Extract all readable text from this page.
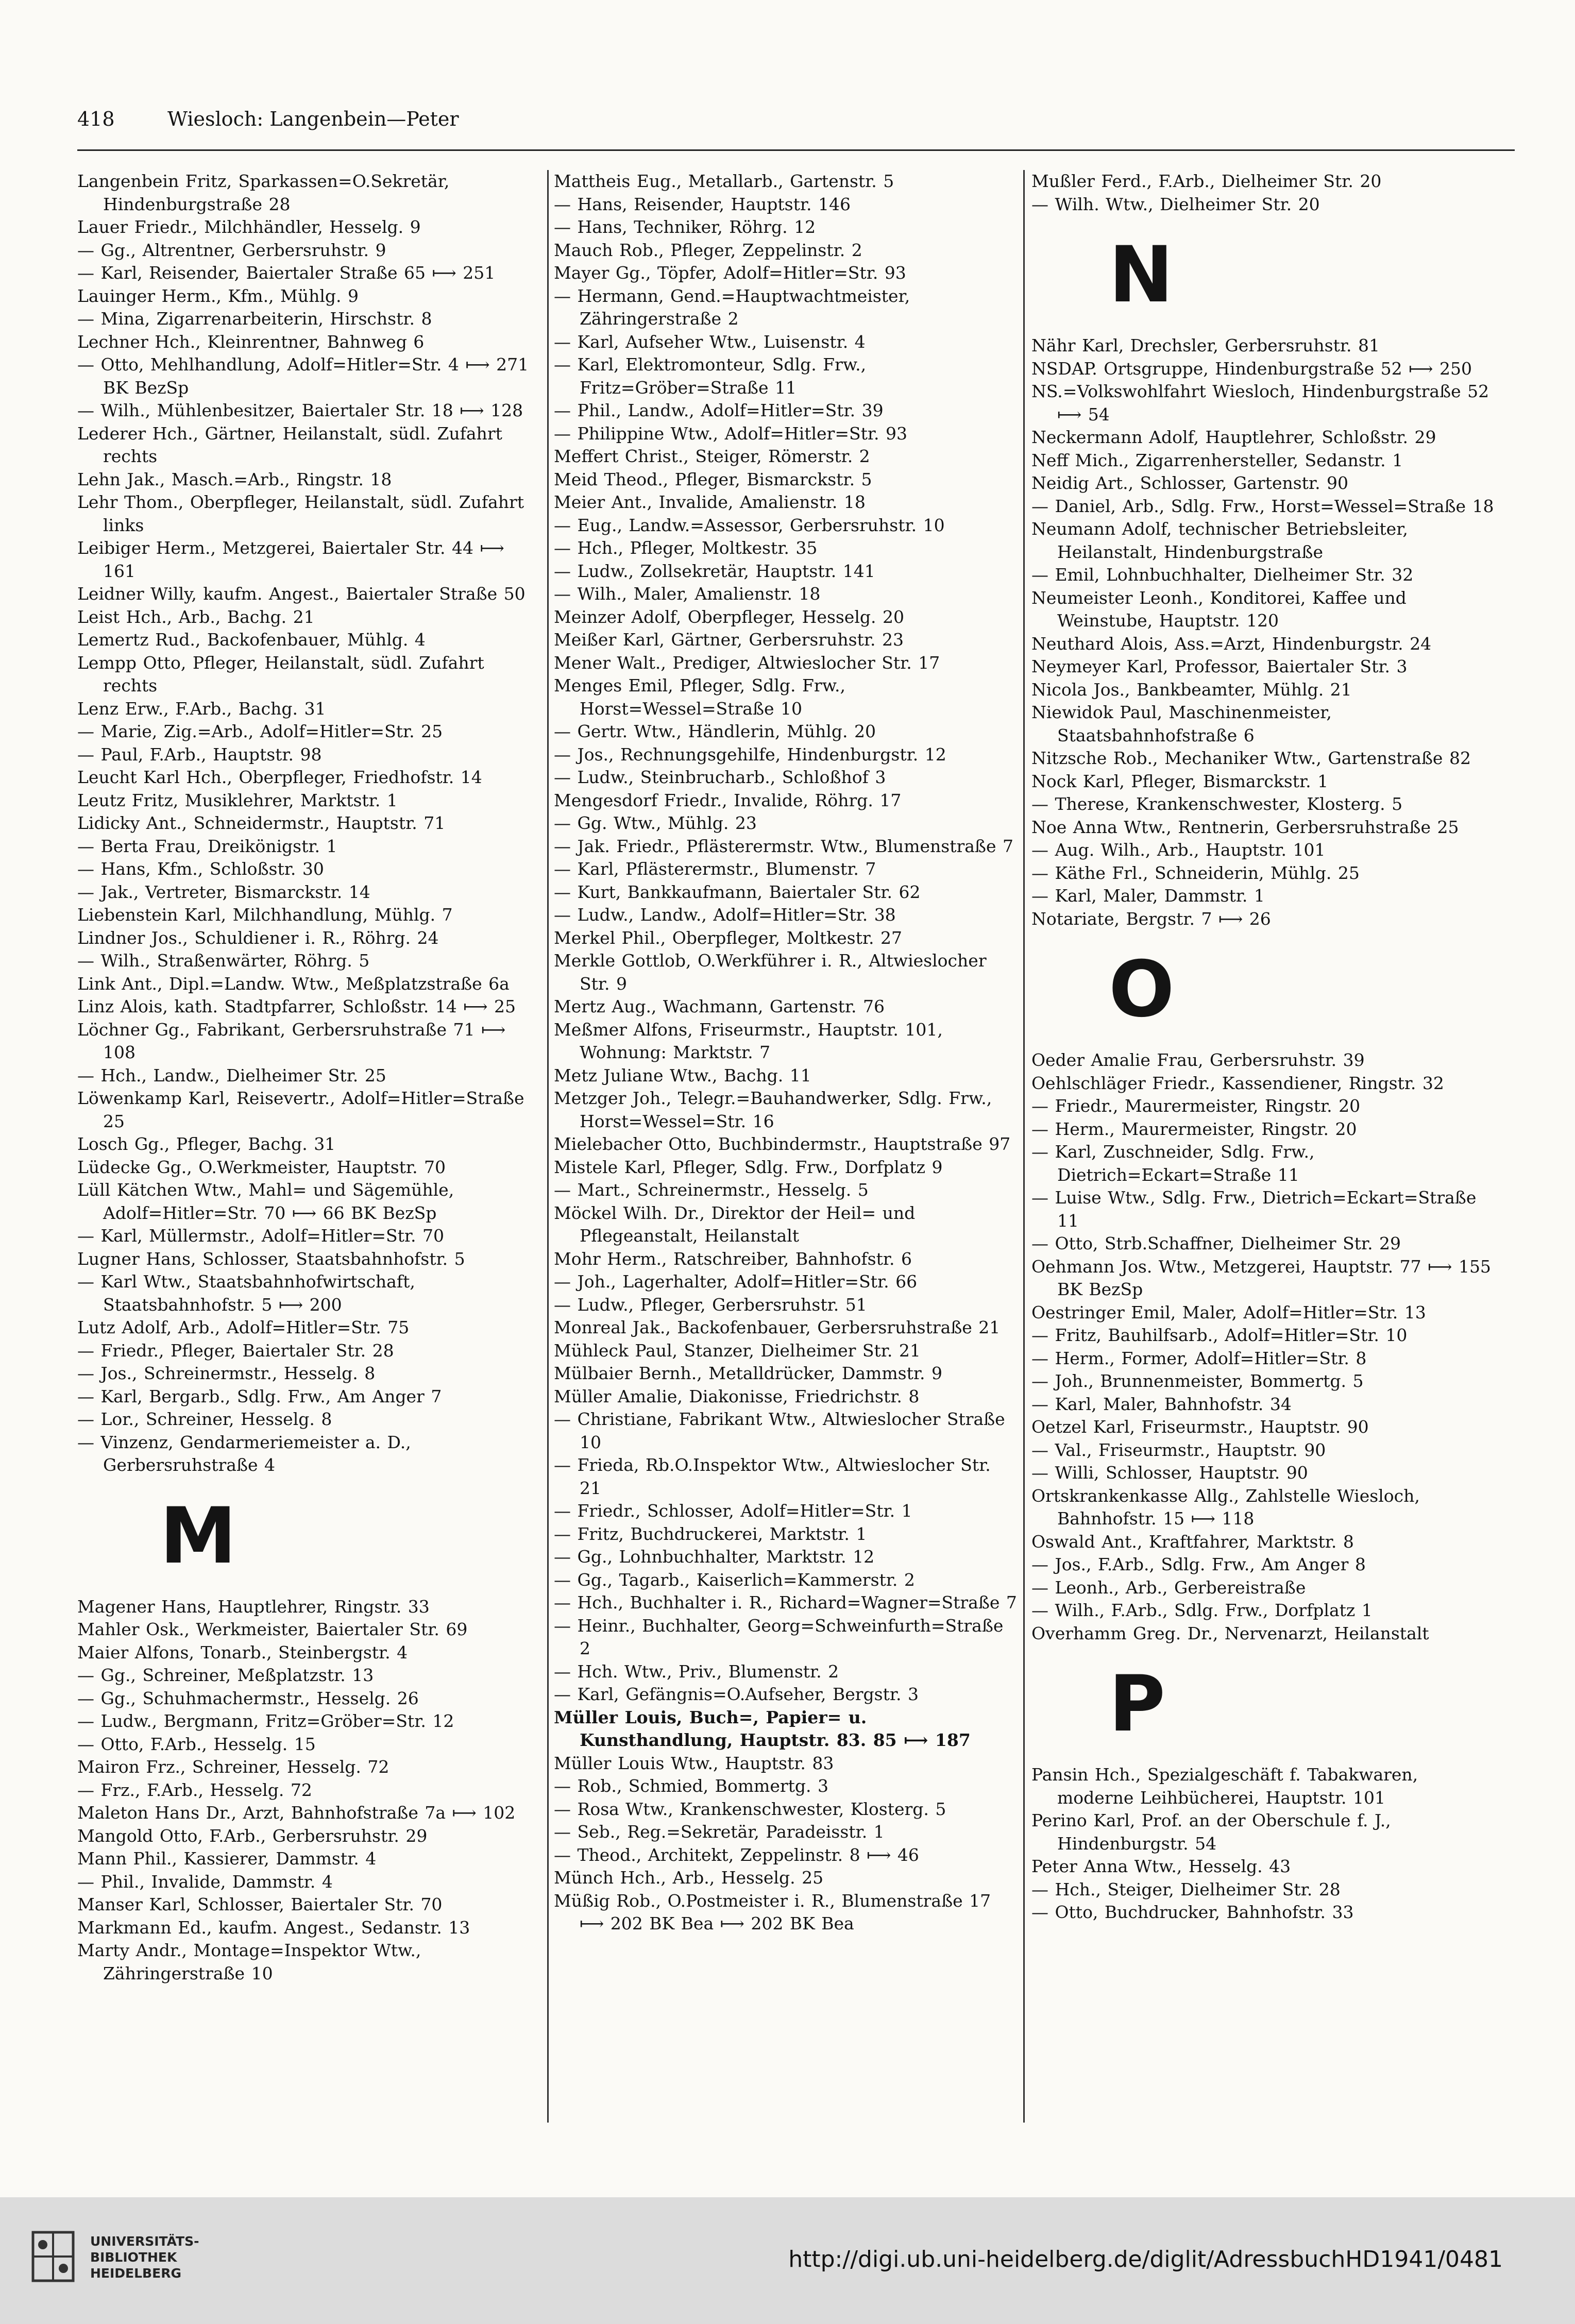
418	Wiesloch: Langenbein—Peter
Langenbein Fritz, Sparkassen=O.Sekretär, Hindenburgstraße 28
Lauer Friedr., Milchhändler, Hesselg. 9
— Gg., Altrentner, Gerbersruhstr. 9
— Karl, Reisender, Baiertaler Straße 65 ⟼ 251
Lauinger Herm., Kfm., Mühlg. 9
— Mina, Zigarrenarbeiterin, Hirschstr. 8
Lechner Hch., Kleinrentner, Bahnweg 6
— Otto, Mehlhandlung, Adolf=Hitler=Str. 4 ⟼ 271 BK BezSp
— Wilh., Mühlenbesitzer, Baiertaler Str. 18 ⟼ 128
Lederer Hch., Gärtner, Heilanstalt, südl. Zufahrt rechts
Lehn Jak., Masch.=Arb., Ringstr. 18
Lehr Thom., Oberpfleger, Heilanstalt, südl. Zufahrt links
Leibiger Herm., Metzgerei, Baiertaler Str. 44 ⟼ 161
Leidner Willy, kaufm. Angest., Baiertaler Straße 50
Leist Hch., Arb., Bachg. 21
Lemertz Rud., Backofenbauer, Mühlg. 4
Lempp Otto, Pfleger, Heilanstalt, südl. Zufahrt rechts
Lenz Erw., F.Arb., Bachg. 31
— Marie, Zig.=Arb., Adolf=Hitler=Str. 25
— Paul, F.Arb., Hauptstr. 98
Leucht Karl Hch., Oberpfleger, Friedhofstr. 14
Leutz Fritz, Musiklehrer, Marktstr. 1
Lidicky Ant., Schneidermstr., Hauptstr. 71
— Berta Frau, Dreikönigstr. 1
— Hans, Kfm., Schloßstr. 30
— Jak., Vertreter, Bismarckstr. 14
Liebenstein Karl, Milchhandlung, Mühlg. 7
Lindner Jos., Schuldiener i. R., Röhrg. 24
— Wilh., Straßenwärter, Röhrg. 5
Link Ant., Dipl.=Landw. Wtw., Meßplatzstraße 6a
Linz Alois, kath. Stadtpfarrer, Schloßstr. 14 ⟼ 25
Löchner Gg., Fabrikant, Gerbersruhstraße 71 ⟼ 108
— Hch., Landw., Dielheimer Str. 25
Löwenkamp Karl, Reisevertr., Adolf=Hitler=Straße 25
Losch Gg., Pfleger, Bachg. 31
Lüdecke Gg., O.Werkmeister, Hauptstr. 70
Lüll Kätchen Wtw., Mahl= und Sägemühle, Adolf=Hitler=Str. 70 ⟼ 66 BK BezSp
— Karl, Müllermstr., Adolf=Hitler=Str. 70
Lugner Hans, Schlosser, Staatsbahnhofstr. 5
— Karl Wtw., Staatsbahnhofwirtschaft, Staatsbahnhofstr. 5 ⟼ 200
Lutz Adolf, Arb., Adolf=Hitler=Str. 75
— Friedr., Pfleger, Baiertaler Str. 28
— Jos., Schreinermstr., Hesselg. 8
— Karl, Bergarb., Sdlg. Frw., Am Anger 7
— Lor., Schreiner, Hesselg. 8
— Vinzenz, Gendarmeriemeister a. D., Gerbersruhstraße 4
M
Magener Hans, Hauptlehrer, Ringstr. 33
Mahler Osk., Werkmeister, Baiertaler Str. 69
Maier Alfons, Tonarb., Steinbergstr. 4
— Gg., Schreiner, Meßplatzstr. 13
— Gg., Schuhmachermstr., Hesselg. 26
— Ludw., Bergmann, Fritz=Gröber=Str. 12
— Otto, F.Arb., Hesselg. 15
Mairon Frz., Schreiner, Hesselg. 72
— Frz., F.Arb., Hesselg. 72
Maleton Hans Dr., Arzt, Bahnhofstraße 7a ⟼ 102
Mangold Otto, F.Arb., Gerbersruhstr. 29
Mann Phil., Kassierer, Dammstr. 4
— Phil., Invalide, Dammstr. 4
Manser Karl, Schlosser, Baiertaler Str. 70
Markmann Ed., kaufm. Angest., Sedanstr. 13
Marty Andr., Montage=Inspektor Wtw., Zähringerstraße 10
Mattheis Eug., Metallarb., Gartenstr. 5
— Hans, Reisender, Hauptstr. 146
— Hans, Techniker, Röhrg. 12
Mauch Rob., Pfleger, Zeppelinstr. 2
Mayer Gg., Töpfer, Adolf=Hitler=Str. 93
— Hermann, Gend.=Hauptwachtmeister, Zähringerstraße 2
— Karl, Aufseher Wtw., Luisenstr. 4
— Karl, Elektromonteur, Sdlg. Frw., Fritz=Gröber=Straße 11
— Phil., Landw., Adolf=Hitler=Str. 39
— Philippine Wtw., Adolf=Hitler=Str. 93
Meffert Christ., Steiger, Römerstr. 2
Meid Theod., Pfleger, Bismarckstr. 5
Meier Ant., Invalide, Amalienstr. 18
— Eug., Landw.=Assessor, Gerbersruhstr. 10
— Hch., Pfleger, Moltkestr. 35
— Ludw., Zollsekretär, Hauptstr. 141
— Wilh., Maler, Amalienstr. 18
Meinzer Adolf, Oberpfleger, Hesselg. 20
Meißer Karl, Gärtner, Gerbersruhstr. 23
Mener Walt., Prediger, Altwieslocher Str. 17
Menges Emil, Pfleger, Sdlg. Frw., Horst=Wessel=Straße 10
— Gertr. Wtw., Händlerin, Mühlg. 20
— Jos., Rechnungsgehilfe, Hindenburgstr. 12
— Ludw., Steinbrucharb., Schloßhof 3
Mengesdorf Friedr., Invalide, Röhrg. 17
— Gg. Wtw., Mühlg. 23
— Jak. Friedr., Pflästerermstr. Wtw., Blumenstraße 7
— Karl, Pflästerermstr., Blumenstr. 7
— Kurt, Bankkaufmann, Baiertaler Str. 62
— Ludw., Landw., Adolf=Hitler=Str. 38
Merkel Phil., Oberpfleger, Moltkestr. 27
Merkle Gottlob, O.Werkführer i. R., Altwieslocher Str. 9
Mertz Aug., Wachmann, Gartenstr. 76
Meßmer Alfons, Friseurmstr., Hauptstr. 101, Wohnung: Marktstr. 7
Metz Juliane Wtw., Bachg. 11
Metzger Joh., Telegr.=Bauhandwerker, Sdlg. Frw., Horst=Wessel=Str. 16
Mielebacher Otto, Buchbindermstr., Hauptstraße 97
Mistele Karl, Pfleger, Sdlg. Frw., Dorfplatz 9
— Mart., Schreinermstr., Hesselg. 5
Möckel Wilh. Dr., Direktor der Heil= und Pflegeanstalt, Heilanstalt
Mohr Herm., Ratschreiber, Bahnhofstr. 6
— Joh., Lagerhalter, Adolf=Hitler=Str. 66
— Ludw., Pfleger, Gerbersruhstr. 51
Monreal Jak., Backofenbauer, Gerbersruhstraße 21
Mühleck Paul, Stanzer, Dielheimer Str. 21
Mülbaier Bernh., Metalldrücker, Dammstr. 9
Müller Amalie, Diakonisse, Friedrichstr. 8
— Christiane, Fabrikant Wtw., Altwieslocher Straße 10
— Frieda, Rb.O.Inspektor Wtw., Altwieslocher Str. 21
— Friedr., Schlosser, Adolf=Hitler=Str. 1
— Fritz, Buchdruckerei, Marktstr. 1
— Gg., Lohnbuchhalter, Marktstr. 12
— Gg., Tagarb., Kaiserlich=Kammerstr. 2
— Hch., Buchhalter i. R., Richard=Wagner=Straße 7
— Heinr., Buchhalter, Georg=Schweinfurth=Straße 2
— Hch. Wtw., Priv., Blumenstr. 2
— Karl, Gefängnis=O.Aufseher, Bergstr. 3
Müller Louis, Buch=, Papier= u. Kunsthandlung, Hauptstr. 83. 85 ⟼ 187
Müller Louis Wtw., Hauptstr. 83
— Rob., Schmied, Bommertg. 3
— Rosa Wtw., Krankenschwester, Klosterg. 5
— Seb., Reg.=Sekretär, Paradeisstr. 1
— Theod., Architekt, Zeppelinstr. 8 ⟼ 46
Münch Hch., Arb., Hesselg. 25
Müßig Rob., O.Postmeister i. R., Blumenstraße 17 ⟼ 202 BK Bea ⟼ 202 BK Bea
Mußler Ferd., F.Arb., Dielheimer Str. 20
— Wilh. Wtw., Dielheimer Str. 20
N
Nähr Karl, Drechsler, Gerbersruhstr. 81
NSDAP. Ortsgruppe, Hindenburgstraße 52 ⟼ 250
NS.=Volkswohlfahrt Wiesloch, Hindenburgstraße 52 ⟼ 54
Neckermann Adolf, Hauptlehrer, Schloßstr. 29
Neff Mich., Zigarrenhersteller, Sedanstr. 1
Neidig Art., Schlosser, Gartenstr. 90
— Daniel, Arb., Sdlg. Frw., Horst=Wessel=Straße 18
Neumann Adolf, technischer Betriebsleiter, Heilanstalt, Hindenburgstraße
— Emil, Lohnbuchhalter, Dielheimer Str. 32
Neumeister Leonh., Konditorei, Kaffee und Weinstube, Hauptstr. 120
Neuthard Alois, Ass.=Arzt, Hindenburgstr. 24
Neymeyer Karl, Professor, Baiertaler Str. 3
Nicola Jos., Bankbeamter, Mühlg. 21
Niewidok Paul, Maschinenmeister, Staatsbahnhofstraße 6
Nitzsche Rob., Mechaniker Wtw., Gartenstraße 82
Nock Karl, Pfleger, Bismarckstr. 1
— Therese, Krankenschwester, Klosterg. 5
Noe Anna Wtw., Rentnerin, Gerbersruhstraße 25
— Aug. Wilh., Arb., Hauptstr. 101
— Käthe Frl., Schneiderin, Mühlg. 25
— Karl, Maler, Dammstr. 1
Notariate, Bergstr. 7 ⟼ 26
O
Oeder Amalie Frau, Gerbersruhstr. 39
Oehlschläger Friedr., Kassendiener, Ringstr. 32
— Friedr., Maurermeister, Ringstr. 20
— Herm., Maurermeister, Ringstr. 20
— Karl, Zuschneider, Sdlg. Frw., Dietrich=Eckart=Straße 11
— Luise Wtw., Sdlg. Frw., Dietrich=Eckart=Straße 11
— Otto, Strb.Schaffner, Dielheimer Str. 29
Oehmann Jos. Wtw., Metzgerei, Hauptstr. 77 ⟼ 155 BK BezSp
Oestringer Emil, Maler, Adolf=Hitler=Str. 13
— Fritz, Bauhilfsarb., Adolf=Hitler=Str. 10
— Herm., Former, Adolf=Hitler=Str. 8
— Joh., Brunnenmeister, Bommertg. 5
— Karl, Maler, Bahnhofstr. 34
Oetzel Karl, Friseurmstr., Hauptstr. 90
— Val., Friseurmstr., Hauptstr. 90
— Willi, Schlosser, Hauptstr. 90
Ortskrankenkasse Allg., Zahlstelle Wiesloch, Bahnhofstr. 15 ⟼ 118
Oswald Ant., Kraftfahrer, Marktstr. 8
— Jos., F.Arb., Sdlg. Frw., Am Anger 8
— Leonh., Arb., Gerbereistraße
— Wilh., F.Arb., Sdlg. Frw., Dorfplatz 1
Overhamm Greg. Dr., Nervenarzt, Heilanstalt
P
Pansin Hch., Spezialgeschäft f. Tabakwaren, moderne Leihbücherei, Hauptstr. 101
Perino Karl, Prof. an der Oberschule f. J., Hindenburgstr. 54
Peter Anna Wtw., Hesselg. 43
— Hch., Steiger, Dielheimer Str. 28
— Otto, Buchdrucker, Bahnhofstr. 33
UNIVERSITÄTS-
BIBLIOTHEK
HEIDELBERG
http://digi.ub.uni-heidelberg.de/diglit/AdressbuchHD1941/0481
